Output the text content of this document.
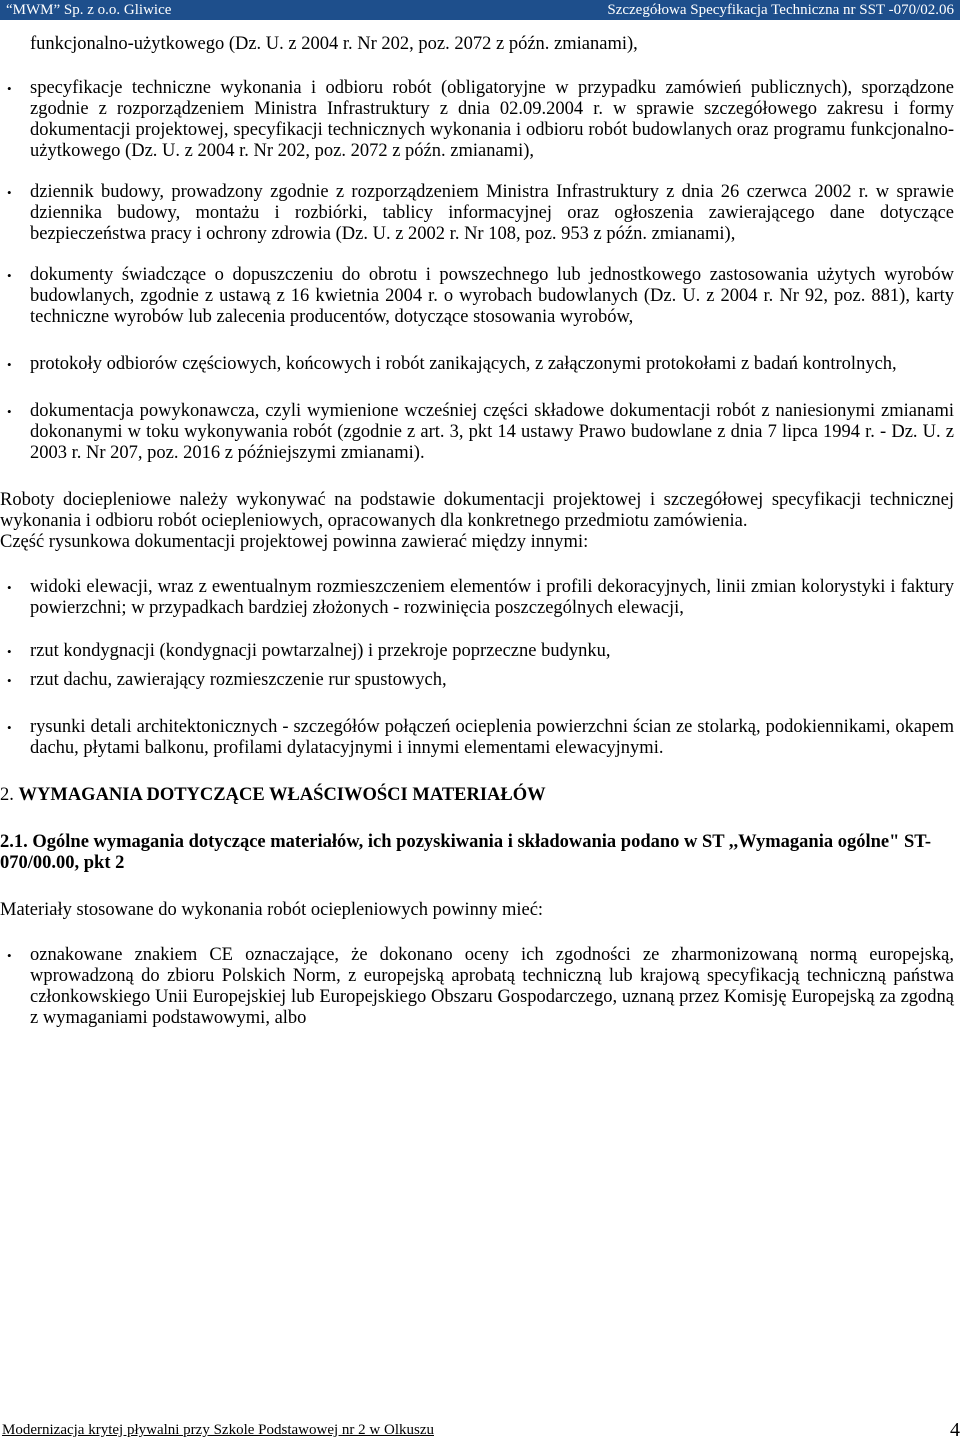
“MWM” Sp. z o.o. Gliwice	Szczegółowa Specyfikacja Techniczna nr SST -070/02.06

funkcjonalno-użytkowego (Dz. U. z 2004 r. Nr 202, poz. 2072 z późn. zmianami),

• specyfikacje techniczne wykonania i odbioru robót (obligatoryjne w przypadku zamówień publicznych), sporządzone zgodnie z rozporządzeniem Ministra Infrastruktury z dnia 02.09.2004 r. w sprawie szczegółowego zakresu i formy dokumentacji projektowej, specyfikacji technicznych wykonania i odbioru robót budowlanych oraz programu funkcjonalno-użytkowego (Dz. U. z 2004 r. Nr 202, poz. 2072 z późn. zmianami),

• dziennik budowy, prowadzony zgodnie z rozporządzeniem Ministra Infrastruktury z dnia 26 czerwca 2002 r. w sprawie dziennika budowy, montażu i rozbiórki, tablicy informacyjnej oraz ogłoszenia zawierającego dane dotyczące bezpieczeństwa pracy i ochrony zdrowia (Dz. U. z 2002 r. Nr 108, poz. 953 z późn. zmianami),

• dokumenty świadczące o dopuszczeniu do obrotu i powszechnego lub jednostkowego zastosowania użytych wyrobów budowlanych, zgodnie z ustawą z 16 kwietnia 2004 r. o wyrobach budowlanych (Dz. U. z 2004 r. Nr 92, poz. 881), karty techniczne wyrobów lub zalecenia producentów, dotyczące stosowania wyrobów,

• protokoły odbiorów częściowych, końcowych i robót zanikających, z załączonymi protokołami z badań kontrolnych,

• dokumentacja powykonawcza, czyli wymienione wcześniej części składowe dokumentacji robót z naniesionymi zmianami dokonanymi w toku wykonywania robót (zgodnie z art. 3, pkt 14 ustawy Prawo budowlane z dnia 7 lipca 1994 r. - Dz. U. z 2003 r. Nr 207, poz. 2016 z późniejszymi zmianami).

Roboty dociepleniowe należy wykonywać na podstawie dokumentacji projektowej i szczegółowej specyfikacji technicznej wykonania i odbioru robót ociepleniowych, opracowanych dla konkretnego przedmiotu zamówienia.

Część rysunkowa dokumentacji projektowej powinna zawierać między innymi:

• widoki elewacji, wraz z ewentualnym rozmieszczeniem elementów i profili dekoracyjnych, linii zmian kolorystyki i faktury powierzchni; w przypadkach bardziej złożonych - rozwinięcia poszczególnych elewacji,

• rzut kondygnacji (kondygnacji powtarzalnej) i przekroje poprzeczne budynku,

• rzut dachu, zawierający rozmieszczenie rur spustowych,

• rysunki detali architektonicznych - szczegółów połączeń ocieplenia powierzchni ścian ze stolarką, podokiennikami, okapem dachu, płytami balkonu, profilami dylatacyjnymi i innymi elementami elewacyjnymi.

2. WYMAGANIA DOTYCZĄCE WŁAŚCIWOŚCI MATERIAŁÓW
2.1. Ogólne wymagania dotyczące materiałów, ich pozyskiwania i składowania podano w ST ,,Wymagania ogólne" ST-070/00.00, pkt 2

Materiały stosowane do wykonania robót ociepleniowych powinny mieć:

• oznakowane znakiem CE oznaczające, że dokonano oceny ich zgodności ze zharmonizowaną normą europejską, wprowadzoną do zbioru Polskich Norm, z europejską aprobatą techniczną lub krajową specyfikacją techniczną państwa członkowskiego Unii Europejskiej lub Europejskiego Obszaru Gospodarczego, uznaną przez Komisję Europejską za zgodną z wymaganiami podstawowymi, albo

Modernizacja krytej pływalni przy Szkole Podstawowej nr 2 w Olkuszu	4
